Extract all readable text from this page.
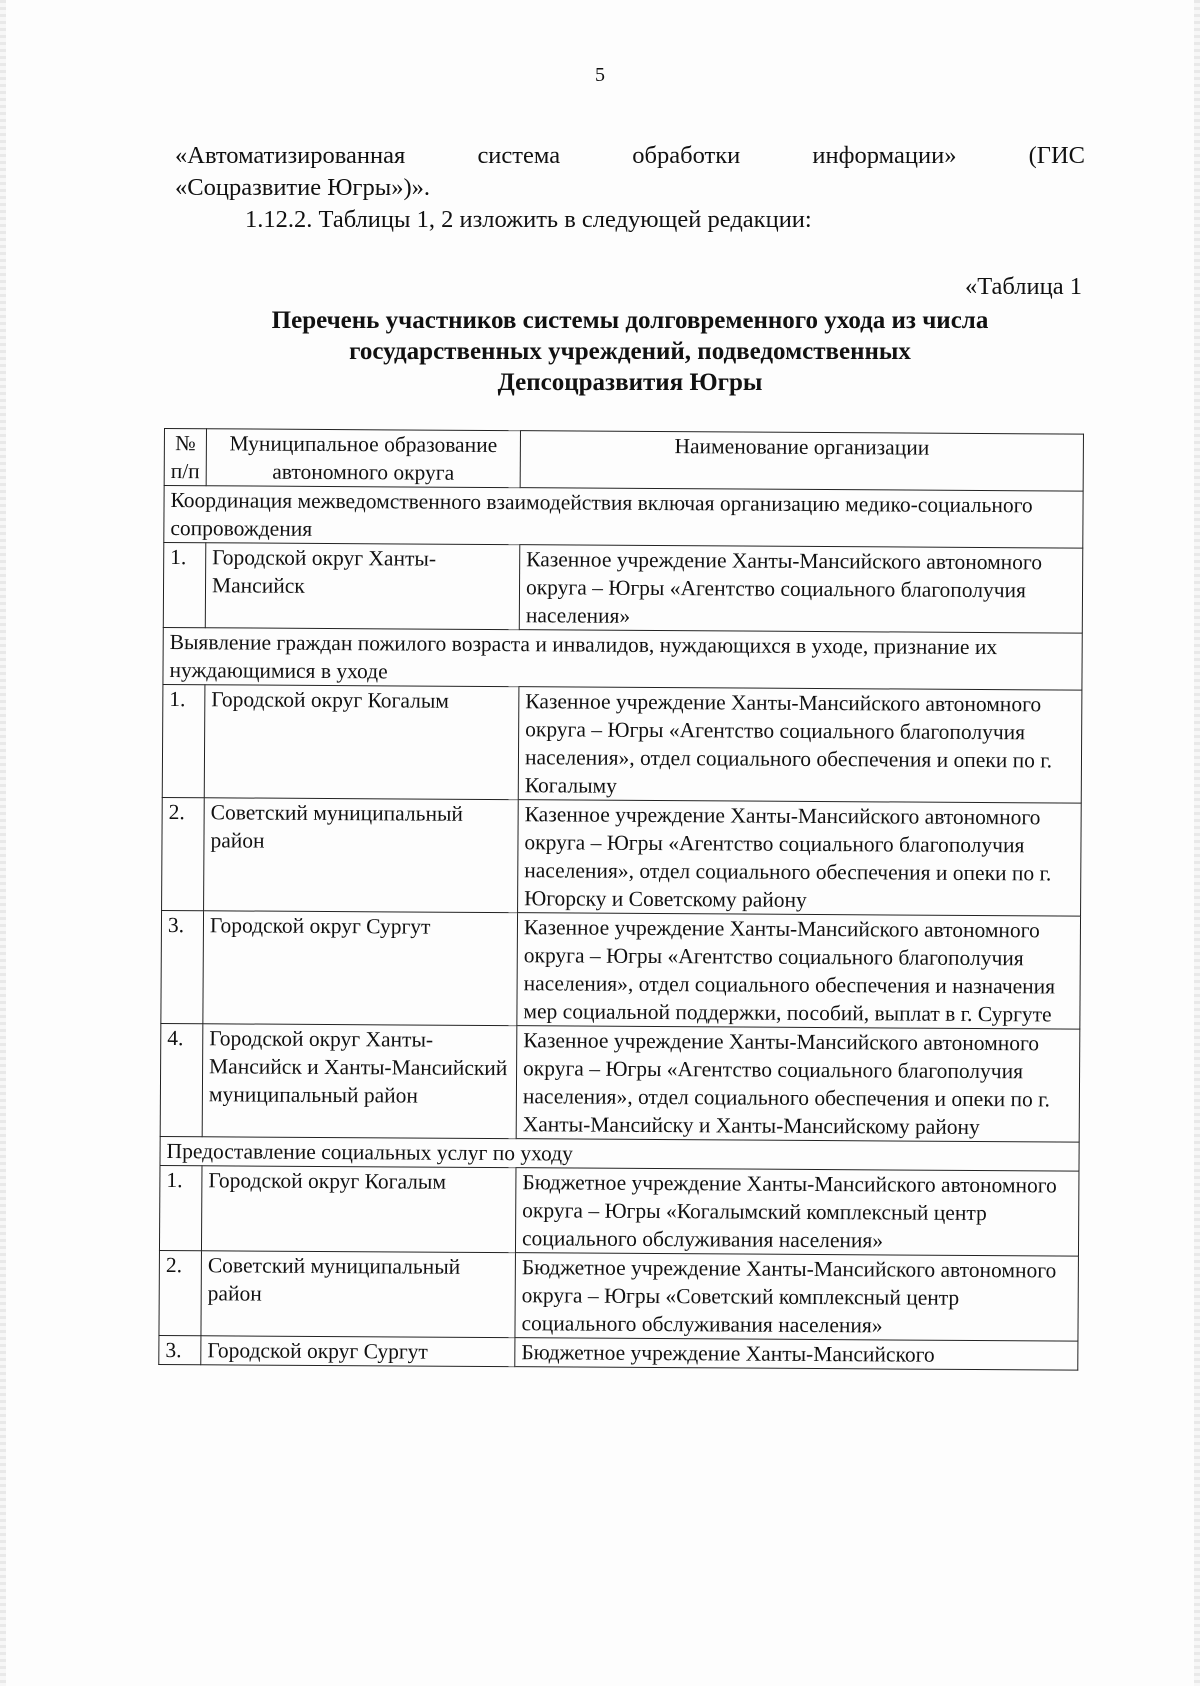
5
«Автоматизированная	система	обработки	информации»	(ГИС
«Соцразвитие Югры»)».
1.12.2. Таблицы 1, 2 изложить в следующей редакции:
«Таблица 1
Перечень участников системы долговременного ухода из числа
государственных учреждений, подведомственных
Депсоцразвития Югры
№ п/п	Муниципальное образование автономного округа	Наименование организации
Координация межведомственного взаимодействия включая организацию медико-социального сопровождения		
1.	Городской округ Ханты-Мансийск	Казенное учреждение Ханты-Мансийского автономного округа – Югры «Агентство социального благополучия населения»
Выявление граждан пожилого возраста и инвалидов, нуждающихся в уходе, признание их нуждающимися в уходе		
1.	Городской округ Когалым	Казенное учреждение Ханты-Мансийского автономного округа – Югры «Агентство социального благополучия населения», отдел социального обеспечения и опеки по г. Когалыму
2.	Советский муниципальный район	Казенное учреждение Ханты-Мансийского автономного округа – Югры «Агентство социального благополучия населения», отдел социального обеспечения и опеки по г. Югорску и Советскому району
3.	Городской округ Сургут	Казенное учреждение Ханты-Мансийского автономного округа – Югры «Агентство социального благополучия населения», отдел социального обеспечения и назначения мер социальной поддержки, пособий, выплат в г. Сургуте
4.	Городской округ Ханты-Мансийск и Ханты-Мансийский муниципальный район	Казенное учреждение Ханты-Мансийского автономного округа – Югры «Агентство социального благополучия населения», отдел социального обеспечения и опеки по г. Ханты-Мансийску и Ханты-Мансийскому району
Предоставление социальных услуг по уходу		
1.	Городской округ Когалым	Бюджетное учреждение Ханты-Мансийского автономного округа – Югры «Когалымский комплексный центр социального обслуживания населения»
2.	Советский муниципальный район	Бюджетное учреждение Ханты-Мансийского автономного округа – Югры «Советский комплексный центр социального обслуживания населения»
3.	Городской округ Сургут	Бюджетное учреждение Ханты-Мансийского
